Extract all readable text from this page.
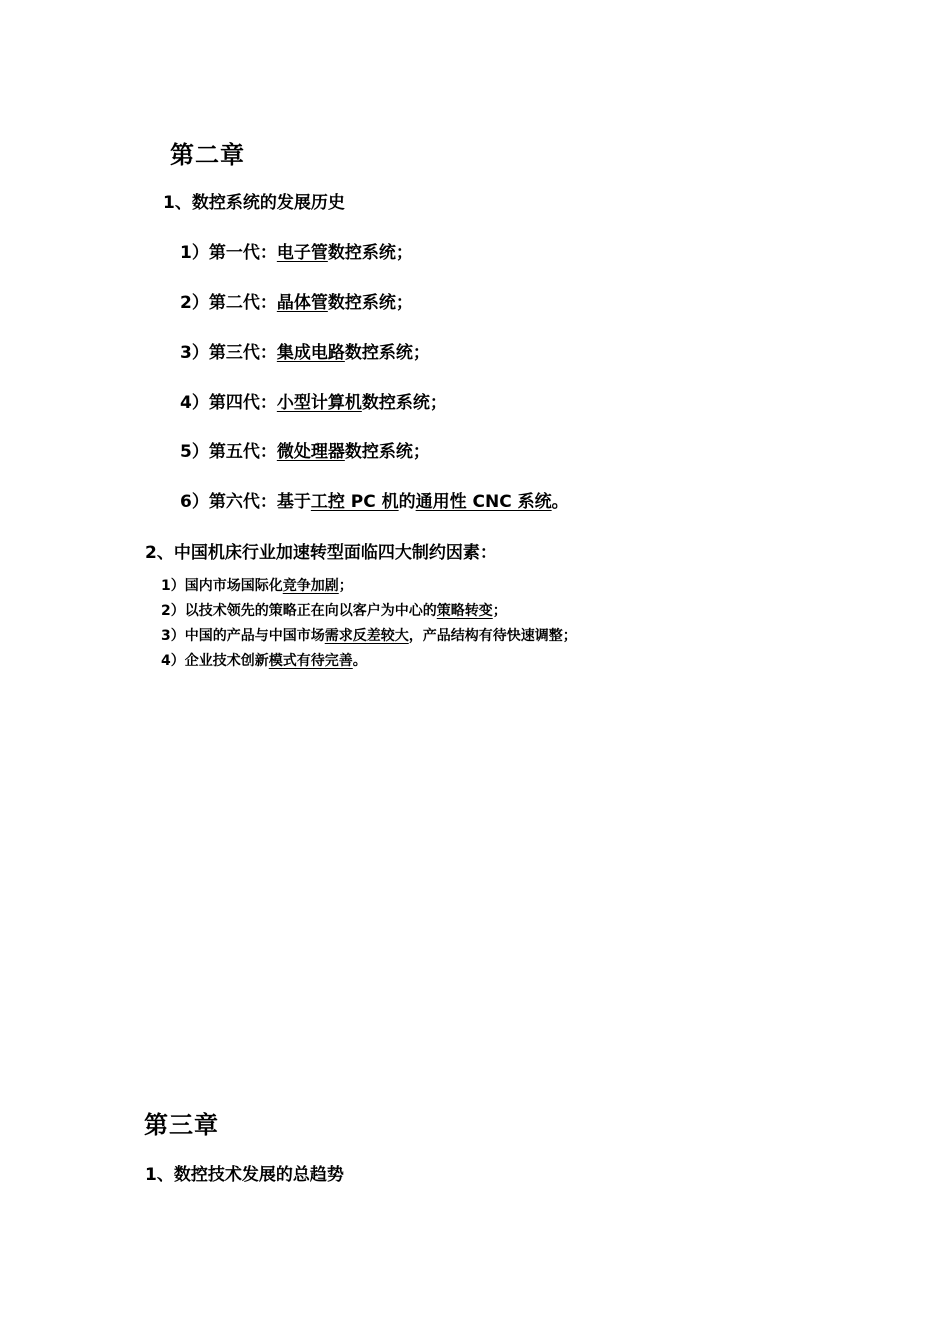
第二章
1、数控系统的发展历史
1）第一代：电子管数控系统；
2）第二代：晶体管数控系统；
3）第三代：集成电路数控系统；
4）第四代：小型计算机数控系统；
5）第五代：微处理器数控系统；
6）第六代：基于工控 PC 机的通用性 CNC 系统。
2、中国机床行业加速转型面临四大制约因素：
1）国内市场国际化竞争加剧；
2）以技术领先的策略正在向以客户为中心的策略转变；
3）中国的产品与中国市场需求反差较大，产品结构有待快速调整；
4）企业技术创新模式有待完善。
第三章
1、数控技术发展的总趋势
